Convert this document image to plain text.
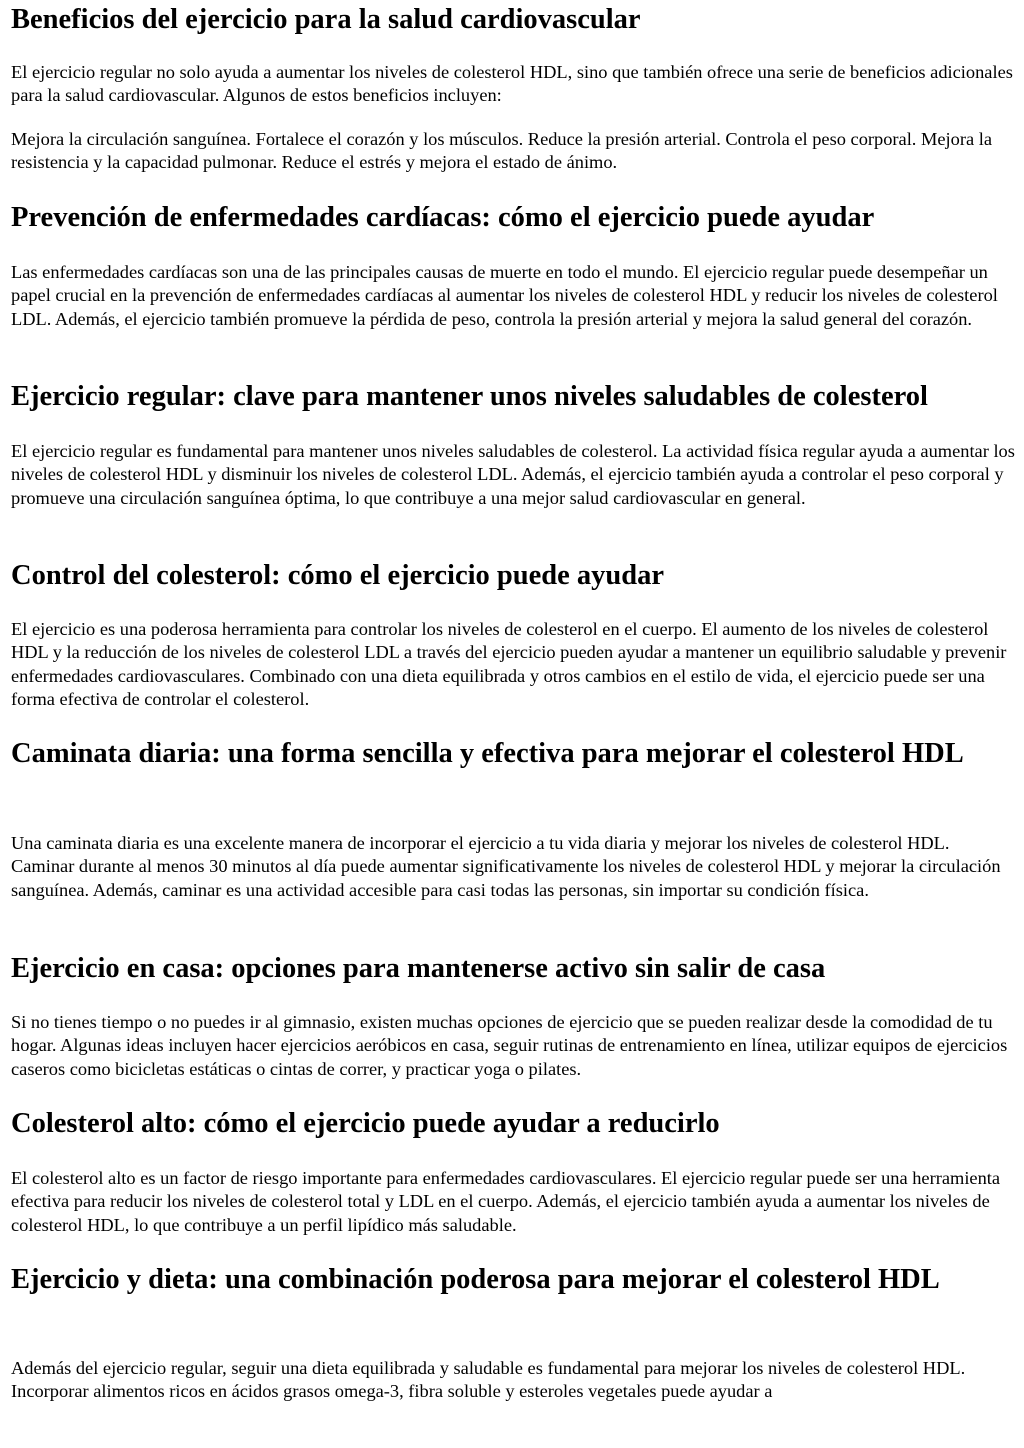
Beneficios del ejercicio para la salud cardiovascular

El ejercicio regular no solo ayuda a aumentar los niveles de colesterol HDL, sino que también ofrece una serie de beneficios adicionales para la salud cardiovascular. Algunos de estos beneficios incluyen:

Mejora la circulación sanguínea. Fortalece el corazón y los músculos. Reduce la presión arterial. Controla el peso corporal. Mejora la resistencia y la capacidad pulmonar. Reduce el estrés y mejora el estado de ánimo.

Prevención de enfermedades cardíacas: cómo el ejercicio puede ayudar

Las enfermedades cardíacas son una de las principales causas de muerte en todo el mundo. El ejercicio regular puede desempeñar un papel crucial en la prevención de enfermedades cardíacas al aumentar los niveles de colesterol HDL y reducir los niveles de colesterol LDL. Además, el ejercicio también promueve la pérdida de peso, controla la presión arterial y mejora la salud general del corazón.

Ejercicio regular: clave para mantener unos niveles saludables de colesterol

El ejercicio regular es fundamental para mantener unos niveles saludables de colesterol. La actividad física regular ayuda a aumentar los niveles de colesterol HDL y disminuir los niveles de colesterol LDL. Además, el ejercicio también ayuda a controlar el peso corporal y promueve una circulación sanguínea óptima, lo que contribuye a una mejor salud cardiovascular en general.

Control del colesterol: cómo el ejercicio puede ayudar

El ejercicio es una poderosa herramienta para controlar los niveles de colesterol en el cuerpo. El aumento de los niveles de colesterol HDL y la reducción de los niveles de colesterol LDL a través del ejercicio pueden ayudar a mantener un equilibrio saludable y prevenir enfermedades cardiovasculares. Combinado con una dieta equilibrada y otros cambios en el estilo de vida, el ejercicio puede ser una forma efectiva de controlar el colesterol.

Caminata diaria: una forma sencilla y efectiva para mejorar el colesterol HDL

Una caminata diaria es una excelente manera de incorporar el ejercicio a tu vida diaria y mejorar los niveles de colesterol HDL. Caminar durante al menos 30 minutos al día puede aumentar significativamente los niveles de colesterol HDL y mejorar la circulación sanguínea. Además, caminar es una actividad accesible para casi todas las personas, sin importar su condición física.

Ejercicio en casa: opciones para mantenerse activo sin salir de casa

Si no tienes tiempo o no puedes ir al gimnasio, existen muchas opciones de ejercicio que se pueden realizar desde la comodidad de tu hogar. Algunas ideas incluyen hacer ejercicios aeróbicos en casa, seguir rutinas de entrenamiento en línea, utilizar equipos de ejercicios caseros como bicicletas estáticas o cintas de correr, y practicar yoga o pilates.

Colesterol alto: cómo el ejercicio puede ayudar a reducirlo

El colesterol alto es un factor de riesgo importante para enfermedades cardiovasculares. El ejercicio regular puede ser una herramienta efectiva para reducir los niveles de colesterol total y LDL en el cuerpo. Además, el ejercicio también ayuda a aumentar los niveles de colesterol HDL, lo que contribuye a un perfil lipídico más saludable.

Ejercicio y dieta: una combinación poderosa para mejorar el colesterol HDL

Además del ejercicio regular, seguir una dieta equilibrada y saludable es fundamental para mejorar los niveles de colesterol HDL. Incorporar alimentos ricos en ácidos grasos omega-3, fibra soluble y esteroles vegetales puede ayudar a
